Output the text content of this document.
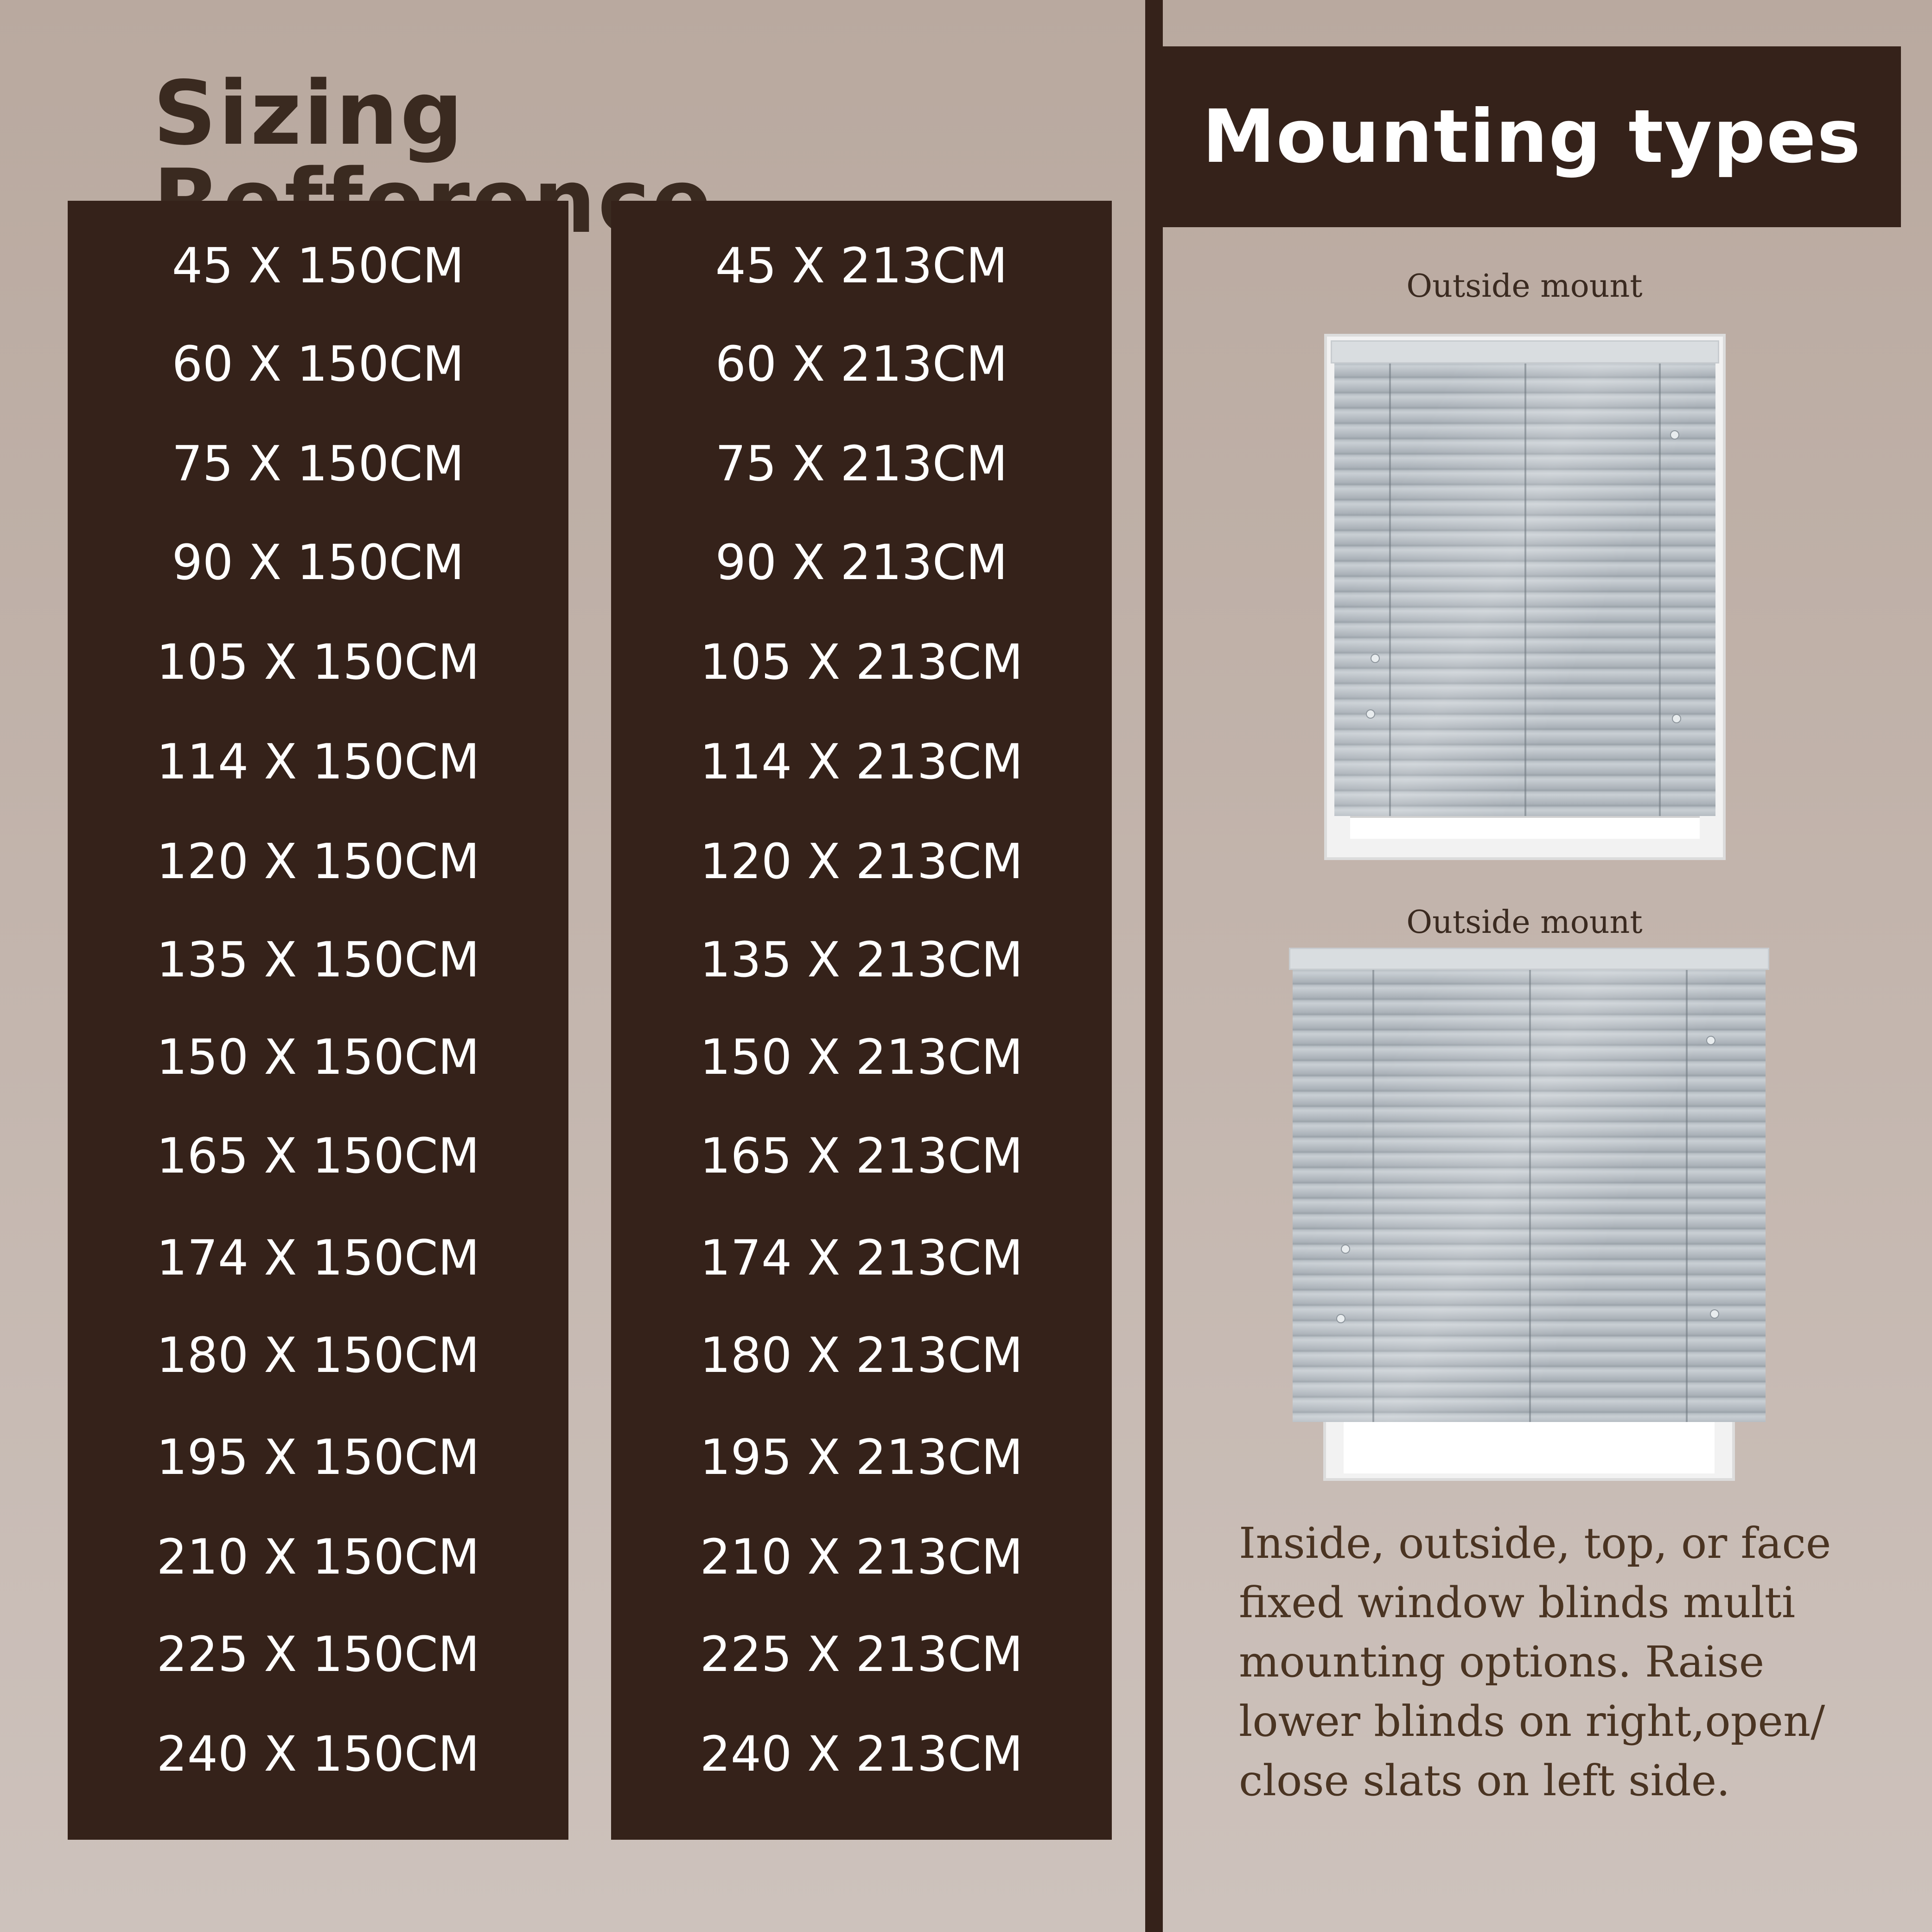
Sizing
45 X 150CM
60 X 150CM
75 X 150CM
90 X 150CM
105 X 150CM
114 X 150CM
120 X 150CM
135 X 150CM
150 X 150CM
165 X 150CM
174 X 150CM
180 X 150CM
195 X 150CM
210 X 150CM
225 X 150CM
240 X 150CM
45 X 213CM
60 X 213CM
75 X 213CM
90 X 213CM
105 X 213CM
114 X 213CM
120 X 213CM
135 X 213CM
150 X 213CM
165 X 213CM
174 X 213CM
180 X 213CM
195 X 213CM
210 X 213CM
225 X 213CM
240 X 213CM
Mounting types
Outside mount
Outside mount
Inside, outside, top, or face fixed window blinds multi mounting options. Raise lower blinds on right,open/ close slats on left side.
